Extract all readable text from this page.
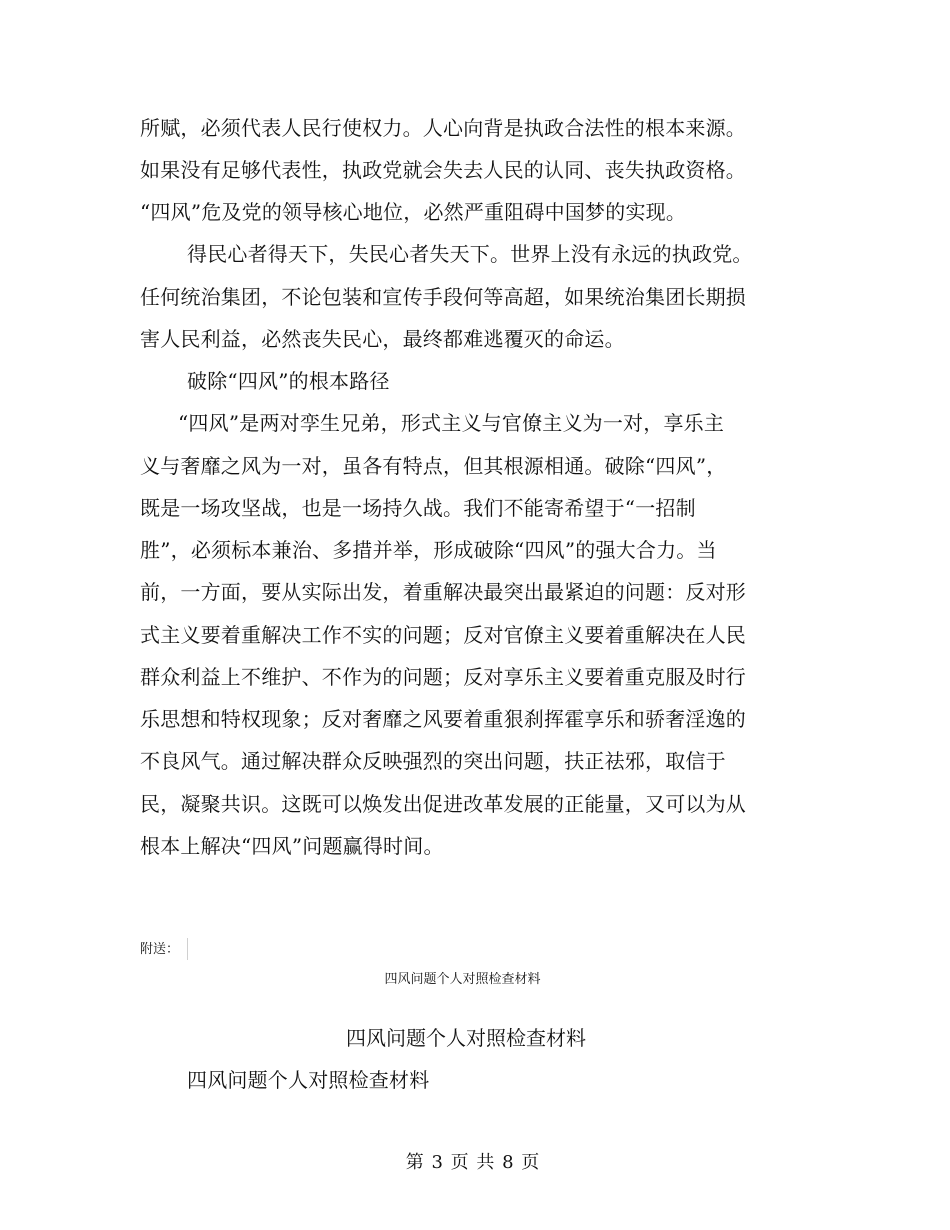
所赋，必须代表人民行使权力。人心向背是执政合法性的根本来源。
如果没有足够代表性，执政党就会失去人民的认同、丧失执政资格。
“四风”危及党的领导核心地位，必然严重阻碍中国梦的实现。
得民心者得天下，失民心者失天下。世界上没有永远的执政党。
任何统治集团，不论包装和宣传手段何等高超，如果统治集团长期损
害人民利益，必然丧失民心，最终都难逃覆灭的命运。
破除“四风”的根本路径
“四风”是两对孪生兄弟，形式主义与官僚主义为一对，享乐主
义与奢靡之风为一对，虽各有特点，但其根源相通。破除“四风”，
既是一场攻坚战，也是一场持久战。我们不能寄希望于“一招制
胜”，必须标本兼治、多措并举，形成破除“四风”的强大合力。当
前，一方面，要从实际出发，着重解决最突出最紧迫的问题：反对形
式主义要着重解决工作不实的问题；反对官僚主义要着重解决在人民
群众利益上不维护、不作为的问题；反对享乐主义要着重克服及时行
乐思想和特权现象；反对奢靡之风要着重狠刹挥霍享乐和骄奢淫逸的
不良风气。通过解决群众反映强烈的突出问题，扶正祛邪，取信于
民，凝聚共识。这既可以焕发出促进改革发展的正能量，又可以为从
根本上解决“四风”问题赢得时间。
附送：
四风问题个人对照检查材料
四风问题个人对照检查材料
四风问题个人对照检查材料
第 3 页 共 8 页
